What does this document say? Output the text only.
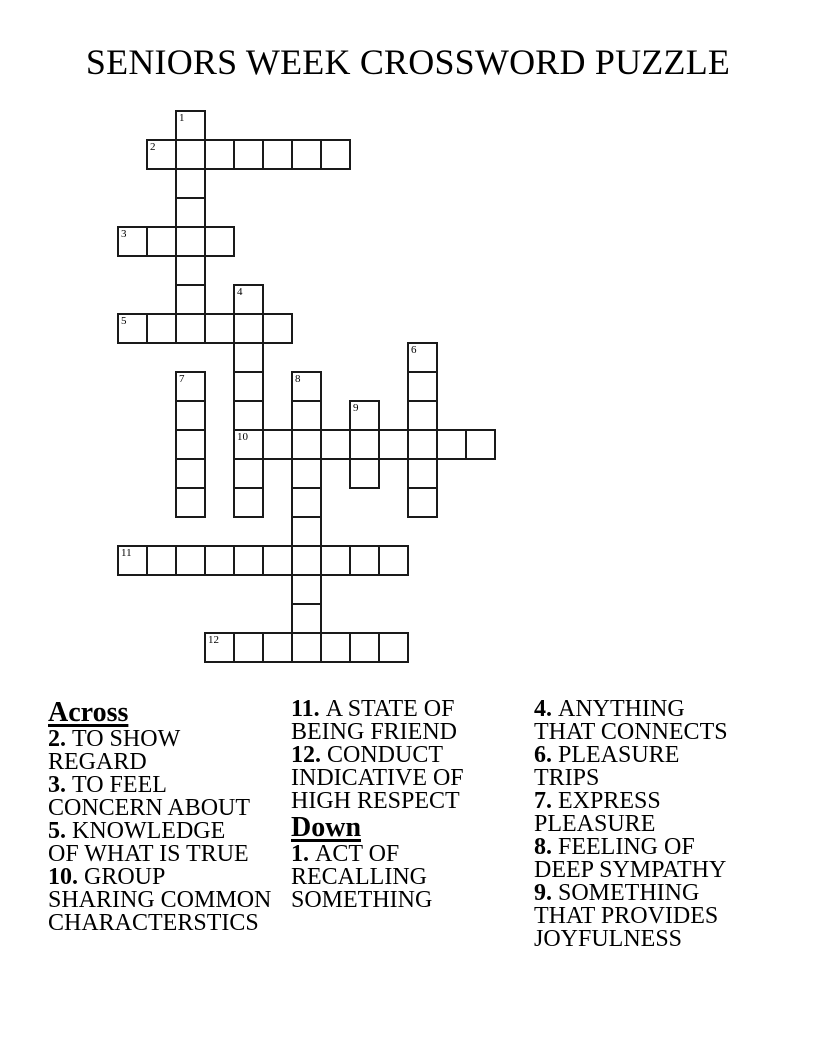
SENIORS WEEK CROSSWORD PUZZLE
1
2
3
4
5
6
7	8
9
10
11
12
Across
2. TO SHOW
REGARD
3. TO FEEL
CONCERN ABOUT
5. KNOWLEDGE
OF WHAT IS TRUE
10. GROUP
SHARING COMMON
CHARACTERSTICS
11. A STATE OF
BEING FRIEND
12. CONDUCT
INDICATIVE OF
HIGH RESPECT
Down
1. ACT OF
RECALLING
SOMETHING
4. ANYTHING
THAT CONNECTS
6. PLEASURE
TRIPS
7. EXPRESS
PLEASURE
8. FEELING OF
DEEP SYMPATHY
9. SOMETHING
THAT PROVIDES
JOYFULNESS
